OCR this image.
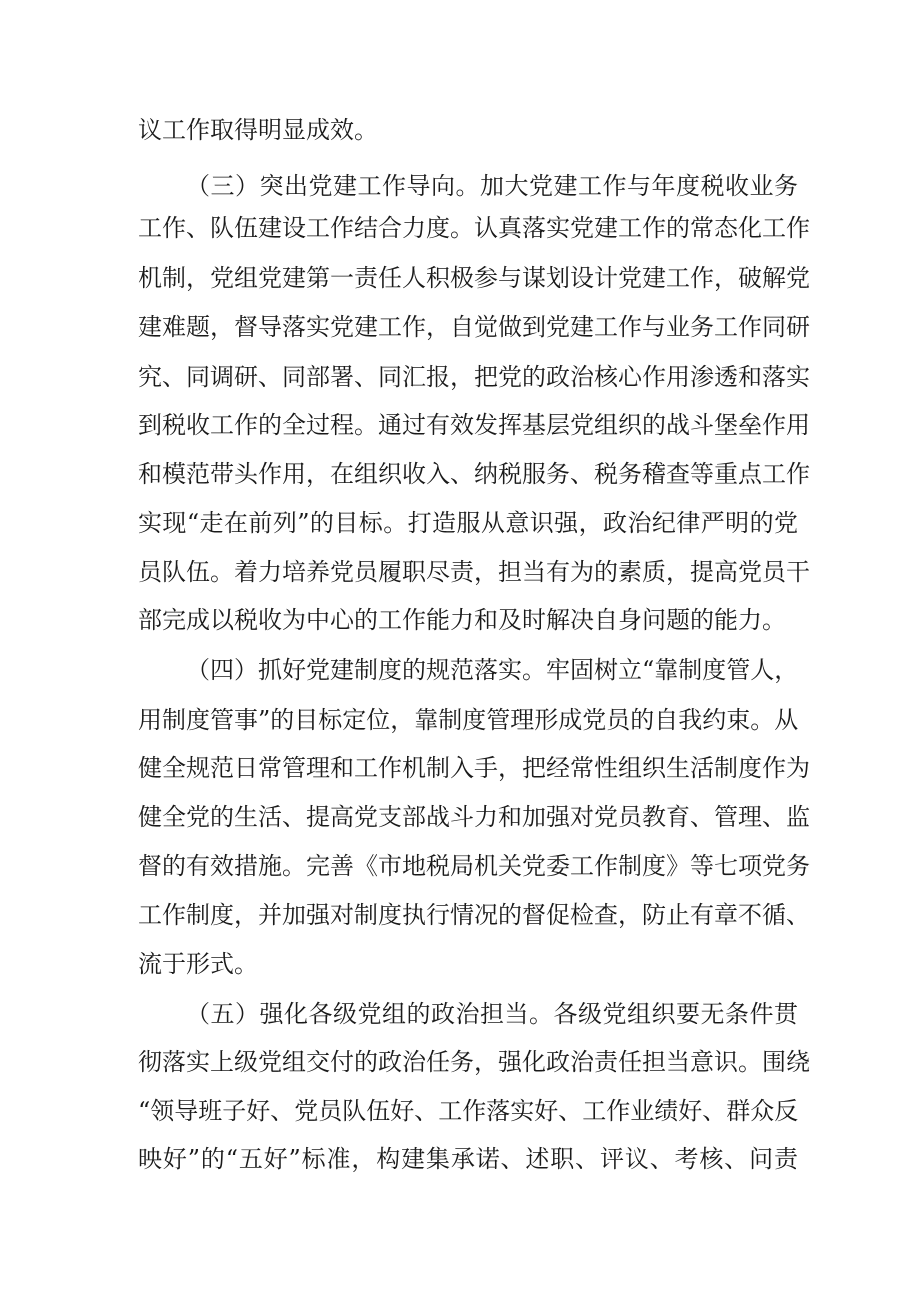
议工作取得明显成效。
（三）突出党建工作导向。加大党建工作与年度税收业务
工作、队伍建设工作结合力度。认真落实党建工作的常态化工作
机制，党组党建第一责任人积极参与谋划设计党建工作，破解党
建难题，督导落实党建工作，自觉做到党建工作与业务工作同研
究、同调研、同部署、同汇报，把党的政治核心作用渗透和落实
到税收工作的全过程。通过有效发挥基层党组织的战斗堡垒作用
和模范带头作用，在组织收入、纳税服务、税务稽查等重点工作
实现“走在前列”的目标。打造服从意识强，政治纪律严明的党
员队伍。着力培养党员履职尽责，担当有为的素质，提高党员干
部完成以税收为中心的工作能力和及时解决自身问题的能力。
（四）抓好党建制度的规范落实。牢固树立“靠制度管人，
用制度管事”的目标定位，靠制度管理形成党员的自我约束。从
健全规范日常管理和工作机制入手，把经常性组织生活制度作为
健全党的生活、提高党支部战斗力和加强对党员教育、管理、监
督的有效措施。完善《市地税局机关党委工作制度》等七项党务
工作制度，并加强对制度执行情况的督促检查，防止有章不循、
流于形式。
（五）强化各级党组的政治担当。各级党组织要无条件贯
彻落实上级党组交付的政治任务，强化政治责任担当意识。围绕
“领导班子好、党员队伍好、工作落实好、工作业绩好、群众反
映好”的“五好”标准，构建集承诺、述职、评议、考核、问责
